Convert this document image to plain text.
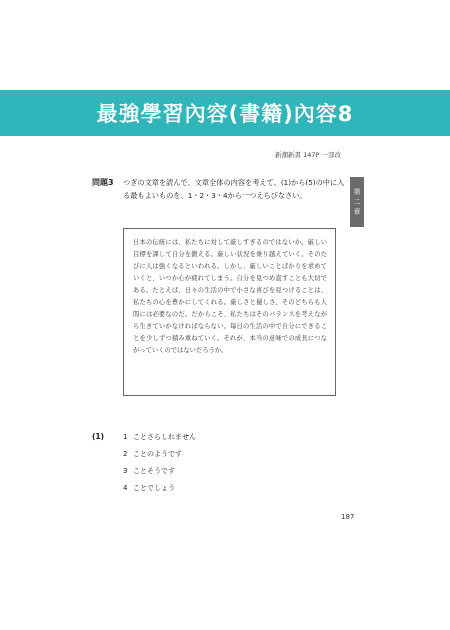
最強學習內容(書籍)內容8
第
二
章
新潮新書 147P 一部改
問題3 つぎの文章を読んで、文章全体の内容を考えて、(1)から(5)の中に入る最もよいものを、1・2・3・4から一つえらびなさい。
日本の伝統には、私たちに対して厳しすぎるのではないか。厳しい目標を課して自分を鍛える。厳しい状況を乗り越えていく。そのたびに人は強くなるといわれる。しかし、厳しいことばかりを求めていくと、いつか心が疲れてしまう。自分を見つめ直すことも大切である。たとえば、日々の生活の中で小さな喜びを見つけることは、私たちの心を豊かにしてくれる。厳しさと優しさ、そのどちらも人間には必要なのだ。だからこそ、私たちはそのバランスを考えながら生きていかなければならない。毎日の生活の中で自分にできることを少しずつ積み重ねていく。それが、本当の意味での成長につながっていくのではないだろうか。
(1)	1 ことさらしれません
2 ことのようです
3 ことそうです
4 ことでしょう
187
